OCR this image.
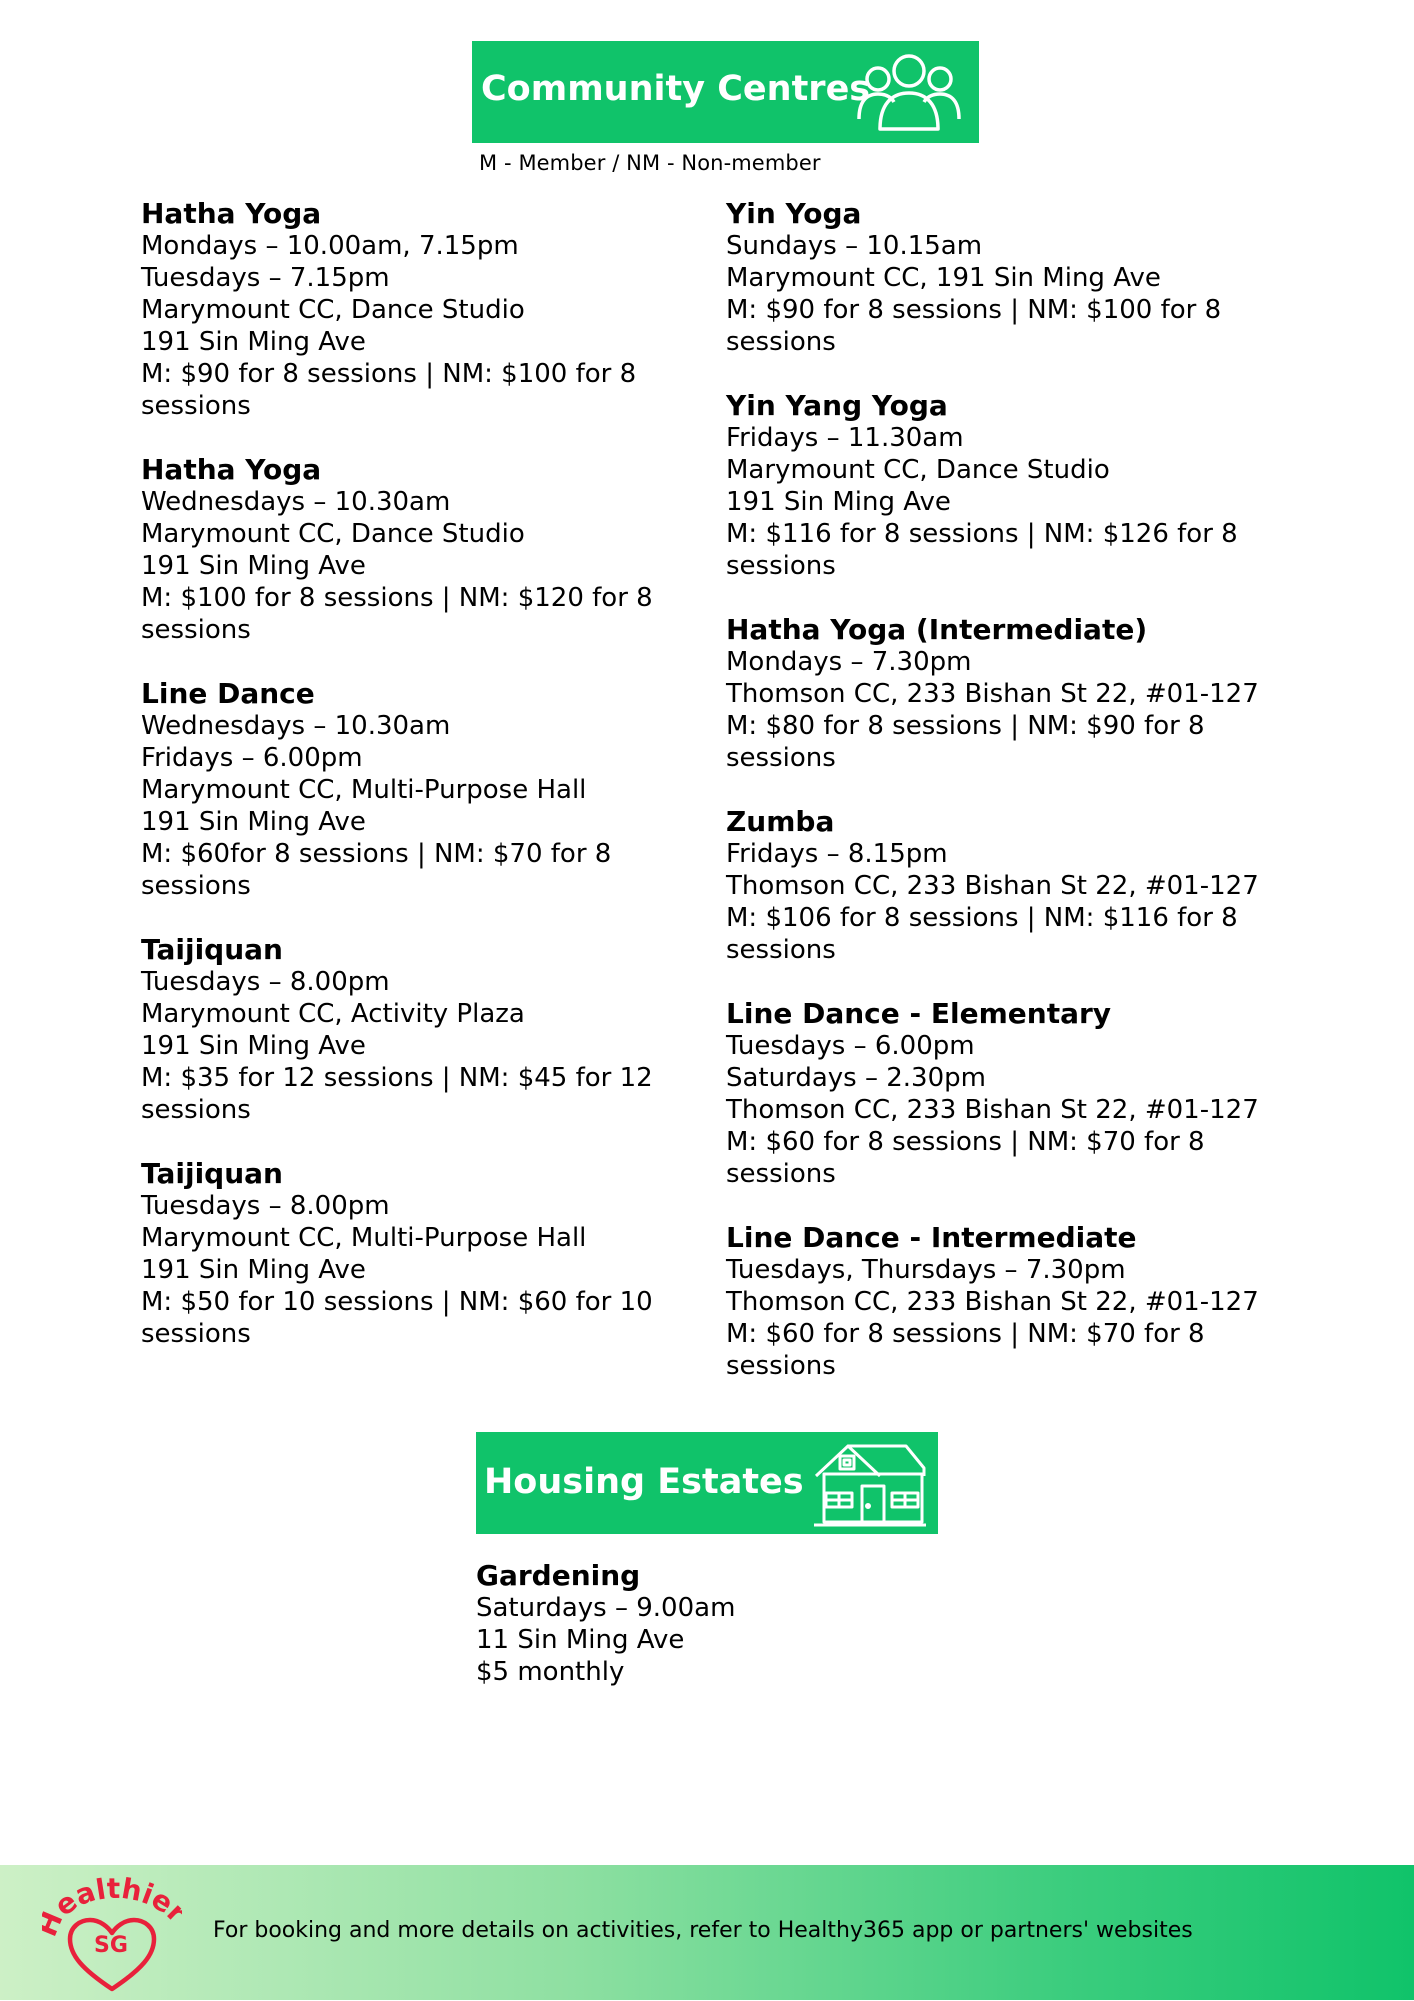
Community Centres
M - Member / NM - Non-member
Hatha Yoga
Mondays – 10.00am, 7.15pm
Tuesdays – 7.15pm
Marymount CC, Dance Studio
191 Sin Ming Ave
M: $90 for 8 sessions | NM: $100 for 8 sessions
Hatha Yoga
Wednesdays – 10.30am
Marymount CC, Dance Studio
191 Sin Ming Ave
M: $100 for 8 sessions | NM: $120 for 8 sessions
Line Dance
Wednesdays – 10.30am
Fridays – 6.00pm
Marymount CC, Multi-Purpose Hall
191 Sin Ming Ave
M: $60for 8 sessions | NM: $70 for 8 sessions
Taijiquan
Tuesdays – 8.00pm
Marymount CC, Activity Plaza
191 Sin Ming Ave
M: $35 for 12 sessions | NM: $45 for 12 sessions
Taijiquan
Tuesdays – 8.00pm
Marymount CC, Multi-Purpose Hall
191 Sin Ming Ave
M: $50 for 10 sessions | NM: $60 for 10 sessions
Yin Yoga
Sundays – 10.15am
Marymount CC, 191 Sin Ming Ave
M: $90 for 8 sessions | NM: $100 for 8 sessions
Yin Yang Yoga
Fridays – 11.30am
Marymount CC, Dance Studio
191 Sin Ming Ave
M: $116 for 8 sessions | NM: $126 for 8 sessions
Hatha Yoga (Intermediate)
Mondays – 7.30pm
Thomson CC, 233 Bishan St 22, #01-127
M: $80 for 8 sessions | NM: $90 for 8 sessions
Zumba
Fridays – 8.15pm
Thomson CC, 233 Bishan St 22, #01-127
M: $106 for 8 sessions | NM: $116 for 8 sessions
Line Dance - Elementary
Tuesdays – 6.00pm
Saturdays – 2.30pm
Thomson CC, 233 Bishan St 22, #01-127
M: $60 for 8 sessions | NM: $70 for 8 sessions
Line Dance - Intermediate
Tuesdays, Thursdays – 7.30pm
Thomson CC, 233 Bishan St 22, #01-127
M: $60 for 8 sessions | NM: $70 for 8 sessions
Housing Estates
Gardening
Saturdays – 9.00am
11 Sin Ming Ave
$5 monthly
ealthie
SG
For booking and more details on activities, refer to Healthy365 app or partners' websites
